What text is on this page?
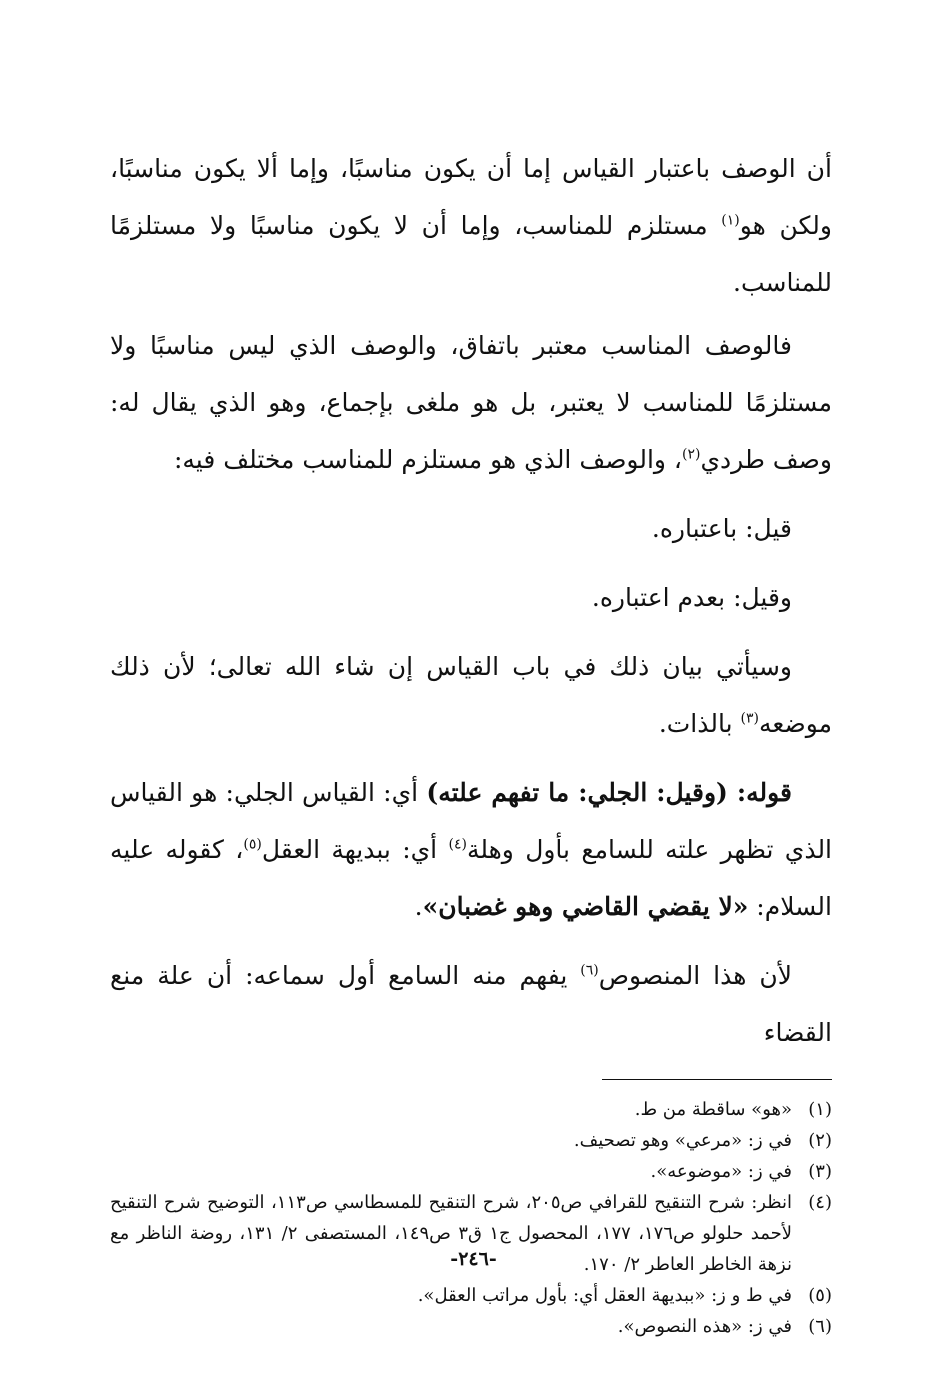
أن الوصف باعتبار القياس إما أن يكون مناسبًا، وإما ألا يكون مناسبًا، ولكن هو$^{(١)}$ مستلزم للمناسب، وإما أن لا يكون مناسبًا ولا مستلزمًا للمناسب.

فالوصف المناسب معتبر باتفاق، والوصف الذي ليس مناسبًا ولا مستلزمًا للمناسب لا يعتبر، بل هو ملغى بإجماع، وهو الذي يقال له: وصف طردي$^{(٢)}$، والوصف الذي هو مستلزم للمناسب مختلف فيه:

قيل: باعتباره.

وقيل: بعدم اعتباره.

وسيأتي بيان ذلك في باب القياس إن شاء الله تعالى؛ لأن ذلك موضعه$^{(٣)}$ بالذات.

قوله: (وقيل: الجلي: ما تفهم علته) أي: القياس الجلي: هو القياس الذي تظهر علته للسامع بأول وهلة$^{(٤)}$ أي: ببديهة العقل$^{(٥)}$، كقوله عليه السلام: «لا يقضي القاضي وهو غضبان».

لأن هذا المنصوص$^{(٦)}$ يفهم منه السامع أول سماعه: أن علة منع القضاء

(١)
«هو» ساقطة من ط.
(٢)
في ز: «مرعي» وهو تصحيف.
(٣)
في ز: «موضوعه».
(٤)
انظر: شرح التنقيح للقرافي ص٢٠٥، شرح التنقيح للمسطاسي ص١١٣، التوضيح شرح التنقيح لأحمد حلولو ص١٧٦، ١٧٧، المحصول ج١ ق٣ ص١٤٩، المستصفى ٢/ ١٣١، روضة الناظر مع نزهة الخاطر العاطر ٢/ ١٧٠.
(٥)
في ط و ز: «ببديهة العقل أي: بأول مراتب العقل».
(٦)
في ز: «هذه النصوص».
-٢٤٦-
